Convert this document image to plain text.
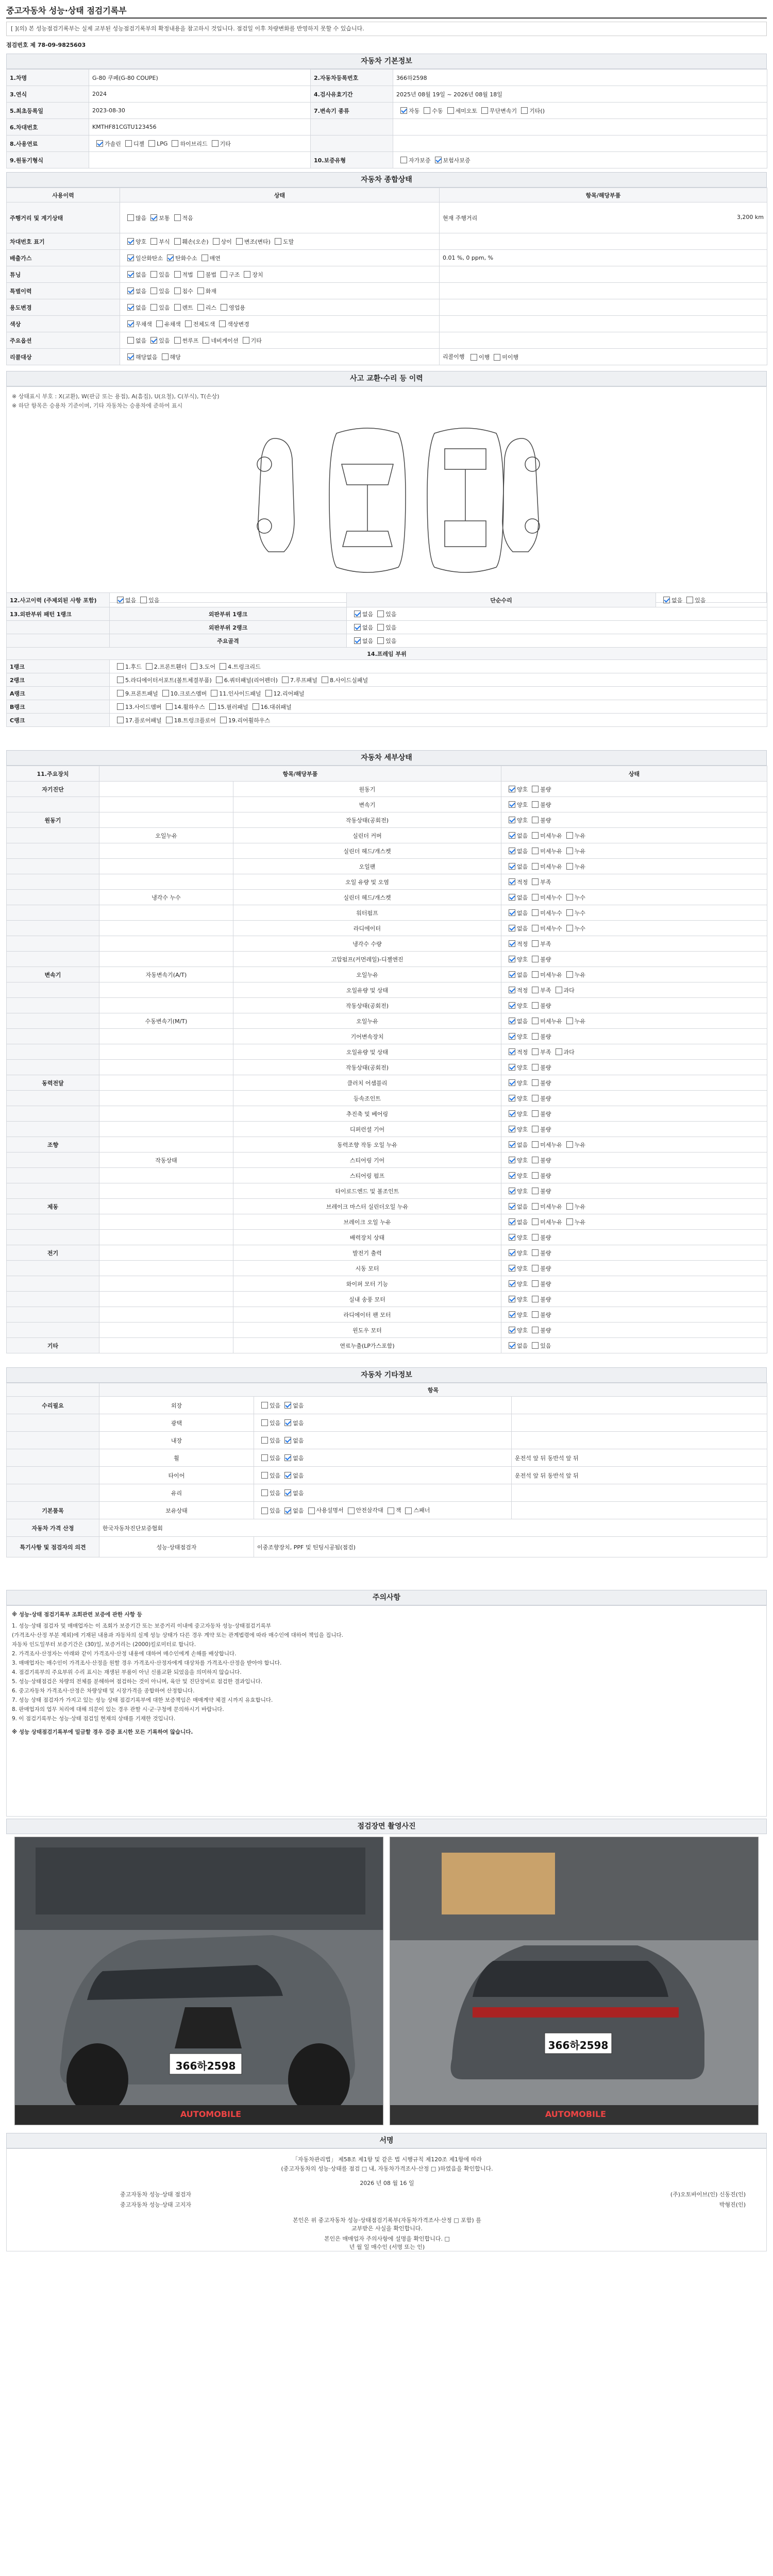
중고자동차 성능·상태 점검기록부
[ ](의) 본 성능점검기록부는 실제 교부된 성능점검기록부의 확정내용을 참고하시 것입니다. 점검일 이후 차량변화를 반영하지 못할 수 있습니다.
점검번호 제 78-09-9825603
자동차 기본정보
1.차명	G-80 쿠페(G-80 COUPE)	2.자동차등록번호	366하2598
3.연식	2024	4.검사유효기간	2025년 08월 19일 ~ 2026년 08월 18일
5.최초등록일	2023-08-30	7.변속기 종류	자동 수동 세미오토 무단변속기 기타()
6.차대번호	KMTHF81CGTU123456		
8.사용연료	가솔린 디젤 LPG 하이브리드 기타		
9.원동기형식		10.보증유형	자가보증 보험사보증
자동차 종합상태
사용이력	상태	항목/해당부품
주행거리 및 계기상태	많음 보통 적음	현재 주행거리 3,200 km

차대번호 표기	양호 부식 훼손(오손) 상이 변조(변타) 도말	
배출가스	일산화탄소 탄화수소 매연	0.01 %, 0 ppm, %
튜닝	없음 있음 적법 불법 구조 장치	
특별이력	없음 있음 침수 화재	
용도변경	없음 있음 렌트 리스 영업용	
색상	무채색 유채색 전체도색 색상변경	
주요옵션	없음 있음 썬루프 네비게이션 기타	
리콜대상	해당없음 해당	리콜이행 이행 미이행
사고 교환·수리 등 이력
※ 상태표시 부호 : X(교환), W(판금 또는 용접), A(흠집), U(요철), C(부식), T(손상)
※ 하단 항목은 승용차 기준이며, 기타 자동차는 승용차에 준하여 표시
12.사고이력 (주제외된 사항 포함)	없음 있음	단순수리	없음 있음
13.외판부위 패턴 1랭크	외판부위 1랭크	없음 있음	
	외판부위 2랭크	없음 있음	
	주요골격	없음 있음	
14.프레임 부위			
1랭크	1.후드 2.프론트휀더 3.도어 4.트렁크리드		
2랭크	5.라디에이터서포트(볼트체결부품) 6.쿼터패널(리어펜더) 7.루프패널 8.사이드실패널		
A랭크	9.프론트패널 10.크로스멤버 11.인사이드패널 12.리어패널		
B랭크	13.사이드멤버 14.휠하우스 15.필러패널 16.대쉬패널		
C랭크	17.플로어패널 18.트렁크플로어 19.리어휠하우스		
자동차 세부상태
11.주요장치	항목/해당부품		상태
자기진단		원동기	양호 불량
		변속기	양호 불량
원동기		작동상태(공회전)	양호 불량
	오일누유	실린더 커버	없음 미세누유 누유
		실린더 헤드/개스켓	없음 미세누유 누유
		오일팬	없음 미세누유 누유
		오일 유량 및 오염	적정 부족
	냉각수 누수	실린더 헤드/개스켓	없음 미세누수 누수
		워터펌프	없음 미세누수 누수
		라디에이터	없음 미세누수 누수
		냉각수 수량	적정 부족
		고압펌프(커먼레일)-디젤엔진	양호 불량
변속기	자동변속기(A/T)	오일누유	없음 미세누유 누유
		오일유량 및 상태	적정 부족 과다
		작동상태(공회전)	양호 불량
	수동변속기(M/T)	오일누유	없음 미세누유 누유
		기어변속장치	양호 불량
		오일유량 및 상태	적정 부족 과다
		작동상태(공회전)	양호 불량
동력전달		클러치 어셈블리	양호 불량
		등속조인트	양호 불량
		추진축 및 베어링	양호 불량
		디퍼런셜 기어	양호 불량
조향		동력조향 작동 오일 누유	없음 미세누유 누유
	작동상태	스티어링 기어	양호 불량
		스티어링 펌프	양호 불량
		타이로드엔드 및 볼조인트	양호 불량
제동		브레이크 마스터 실린더오일 누유	없음 미세누유 누유
		브레이크 오일 누유	없음 미세누유 누유
		배력장치 상태	양호 불량
전기		발전기 출력	양호 불량
		시동 모터	양호 불량
		와이퍼 모터 기능	양호 불량
		실내 송풍 모터	양호 불량
		라디에이터 팬 모터	양호 불량
		윈도우 모터	양호 불량
기타		연료누출(LP가스포함)	없음 있음
자동차 기타정보
	항목		
수리필요	외장	있음 없음	
	광택	있음 없음	
	내장	있음 없음	
	휠	있음 없음	운전석 앞 뒤 동반석 앞 뒤
	타이어	있음 없음	운전석 앞 뒤 동반석 앞 뒤
	유리	있음 없음	
기본품목	보유상태	있음 없음 사용설명서 안전삼각대 잭 스패너	
자동차 가격 산정	한국자동차진단보증협회		
특기사항 및 점검자의 의견	성능·상태점검자	이중조향장치, PPF 및 틴팅시공됨(점검)	
주의사항
※ 성능·상태 점검기록부 조회관련 보증에 관한 사항 등
1. 성능·상태 점검자 및 매매업자는 이 조회가 보증기간 또는 보증거리 이내에 중고자동차 성능·상태점검기록부
(가격조사·산정 부분 제외)에 기재된 내용과 자동차의 실제 성능 상태가 다른 경우 계약 또는 관계법령에 따라 매수인에 대하여 책임을 집니다.
자동차 인도일부터 보증기간은 (30)일, 보증거리는 (2000)킬로미터로 합니다.
2. 가격조사·산정자는 아래와 같이 가격조사·산정 내용에 대하여 매수인에게 손해를 배상합니다.
3. 매매업자는 매수인이 가격조사·산정을 원할 경우 가격조사·산정자에게 대상차를 가격조사·산정을 받아야 합니다.
4. 점검기록부의 주요부위 수리 표시는 재생된 부품이 아닌 신품교환 되었음을 의미하지 않습니다.
5. 성능·상태점검은 차량의 전체를 분해하여 점검하는 것이 아니며, 육안 및 진단장비로 점검한 결과입니다.
6. 중고자동차 가격조사·산정은 차량상태 및 시장가격을 종합하여 산정합니다.
7. 성능 상태 점검자가 가지고 있는 성능 상태 점검기록부에 대한 보증책임은 매매계약 체결 시까지 유효합니다.
8. 판매업자의 업무 처리에 대해 의문이 있는 경우 관할 시·군·구청에 문의하시기 바랍니다.
9. 이 점검기록부는 성능·상태 점검일 현재의 상태를 기재한 것입니다.
※ 성능 상태점검기록부에 밀금할 경우 검증 표시한 모든 기록하여 않습니다.
점검장면 촬영사진
366하2598
AUTOMOBILE
366하2598
AUTOMOBILE
서명
「자동차관리법」 제58조 제1항 및 같은 법 시행규칙 제120조 제1항에 따라
(중고자동차의 성능·상태를 점검 □ 내, 자동차가격조사·산정 □ )하였음을 확인합니다.
2026 년 08 월 16 일
중고자동차 성능·상태 점검자	(주)오토바이브(인) 신동진(인)
중고자동차 성능·상태 고지자	박형진(인)
본인은 위 중고자동차 성능·상태점검기록부(자동차가격조사·산정 □ 포함) 를
교부받은 사실을 확인합니다.
본인은 매매업자 주의사항에 설명을 확인합니다. □
년 월 일 매수인 (서명 또는 인)
